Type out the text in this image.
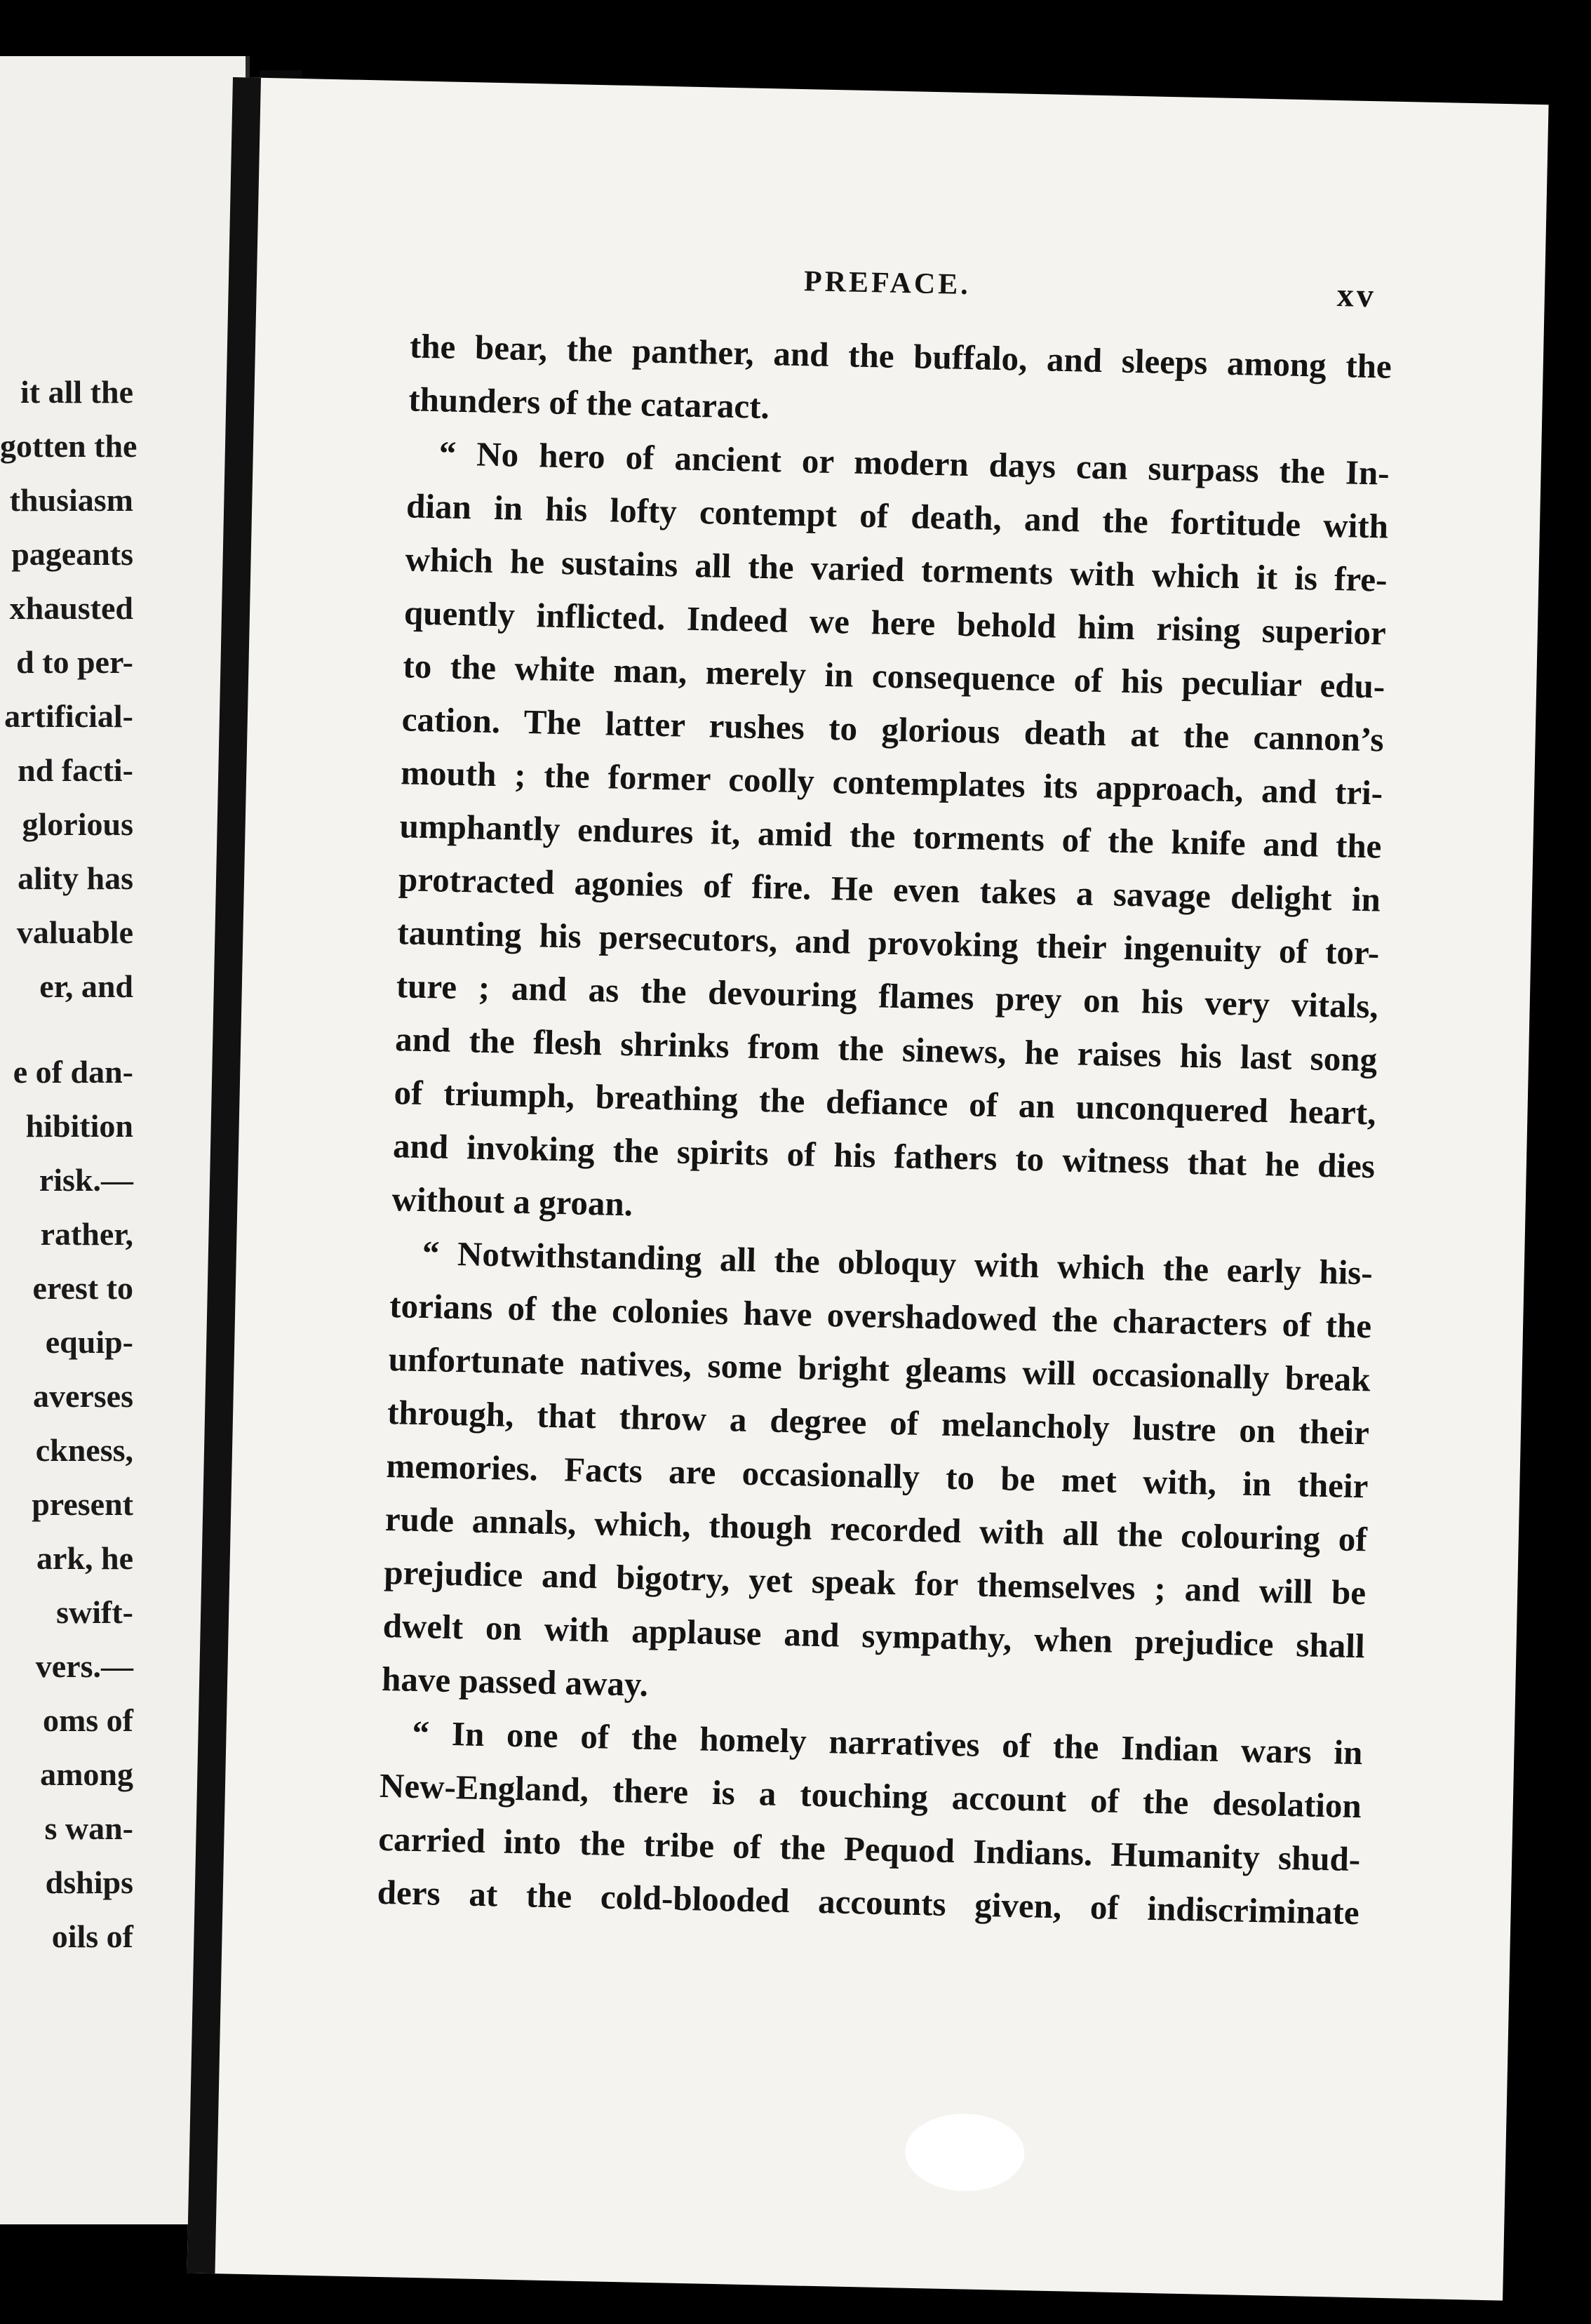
it all the
gotten the
thusiasm
pageants
xhausted
d to per-
artificial-
nd facti-
glorious
ality has
valuable
er, and
e of dan-
hibition
risk.—
rather,
erest to
equip-
averses
ckness,
present
ark, he
swift-
vers.—
oms of
among
s wan-
dships
oils of
PREFACE.	xv
the bear, the panther, and the buffalo, and sleeps among the
thunders of the cataract.
“ No hero of ancient or modern days can surpass the In-
dian in his lofty contempt of death, and the fortitude with
which he sustains all the varied torments with which it is fre-
quently inflicted. Indeed we here behold him rising superior
to the white man, merely in consequence of his peculiar edu-
cation. The latter rushes to glorious death at the cannon’s
mouth ; the former coolly contemplates its approach, and tri-
umphantly endures it, amid the torments of the knife and the
protracted agonies of fire. He even takes a savage delight in
taunting his persecutors, and provoking their ingenuity of tor-
ture ; and as the devouring flames prey on his very vitals,
and the flesh shrinks from the sinews, he raises his last song
of triumph, breathing the defiance of an unconquered heart,
and invoking the spirits of his fathers to witness that he dies
without a groan.
“ Notwithstanding all the obloquy with which the early his-
torians of the colonies have overshadowed the characters of the
unfortunate natives, some bright gleams will occasionally break
through, that throw a degree of melancholy lustre on their
memories. Facts are occasionally to be met with, in their
rude annals, which, though recorded with all the colouring of
prejudice and bigotry, yet speak for themselves ; and will be
dwelt on with applause and sympathy, when prejudice shall
have passed away.
“ In one of the homely narratives of the Indian wars in
New-England, there is a touching account of the desolation
carried into the tribe of the Pequod Indians. Humanity shud-
ders at the cold-blooded accounts given, of indiscriminate
